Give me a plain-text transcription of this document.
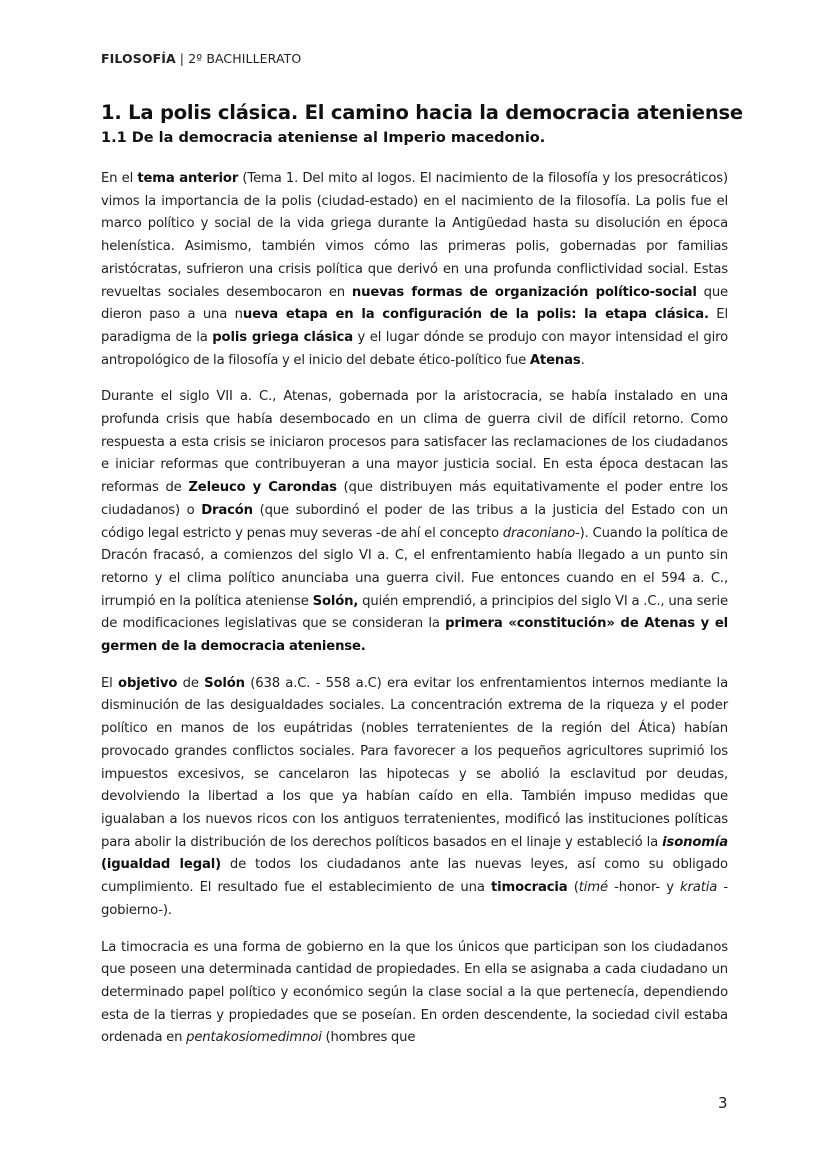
FILOSOFÍA | 2º BACHILLERATO
1. La polis clásica. El camino hacia la democracia ateniense
1.1 De la democracia ateniense al Imperio macedonio.

En el tema anterior (Tema 1. Del mito al logos. El nacimiento de la filosofía y los presocráticos) vimos la importancia de la polis (ciudad-estado) en el nacimiento de la filosofía. La polis fue el marco político y social de la vida griega durante la Antigüedad hasta su disolución en época helenística. Asimismo, también vimos cómo las primeras polis, gobernadas por familias aristócratas, sufrieron una crisis política que derivó en una profunda conflictividad social. Estas revueltas sociales desembocaron en nuevas formas de organización político-social que dieron paso a una nueva etapa en la configuración de la polis: la etapa clásica. El paradigma de la polis griega clásica y el lugar dónde se produjo con mayor intensidad el giro antropológico de la filosofía y el inicio del debate ético-político fue Atenas.

Durante el siglo VII a. C., Atenas, gobernada por la aristocracia, se había instalado en una profunda crisis que había desembocado en un clima de guerra civil de difícil retorno. Como respuesta a esta crisis se iniciaron procesos para satisfacer las reclamaciones de los ciudadanos e iniciar reformas que contribuyeran a una mayor justicia social. En esta época destacan las reformas de Zeleuco y Carondas (que distribuyen más equitativamente el poder entre los ciudadanos) o Dracón (que subordinó el poder de las tribus a la justicia del Estado con un código legal estricto y penas muy severas -de ahí el concepto draconiano-). Cuando la política de Dracón fracasó, a comienzos del siglo VI a. C, el enfrentamiento había llegado a un punto sin retorno y el clima político anunciaba una guerra civil. Fue entonces cuando en el 594 a. C., irrumpió en la política ateniense Solón, quién emprendió, a principios del siglo VI a .C., una serie de modificaciones legislativas que se consideran la primera «constitución» de Atenas y el germen de la democracia ateniense.

El objetivo de Solón (638 a.C. - 558 a.C) era evitar los enfrentamientos internos mediante la disminución de las desigualdades sociales. La concentración extrema de la riqueza y el poder político en manos de los eupátridas (nobles terratenientes de la región del Ática) habían provocado grandes conflictos sociales. Para favorecer a los pequeños agricultores suprimió los impuestos excesivos, se cancelaron las hipotecas y se abolió la esclavitud por deudas, devolviendo la libertad a los que ya habían caído en ella. También impuso medidas que igualaban a los nuevos ricos con los antiguos terratenientes, modificó las instituciones políticas para abolir la distribución de los derechos políticos basados en el linaje y estableció la isonomía (igualdad legal) de todos los ciudadanos ante las nuevas leyes, así como su obligado cumplimiento. El resultado fue el establecimiento de una timocracia (timé -honor- y kratia -gobierno-).

La timocracia es una forma de gobierno en la que los únicos que participan son los ciudadanos que poseen una determinada cantidad de propiedades. En ella se asignaba a cada ciudadano un determinado papel político y económico según la clase social a la que pertenecía, dependiendo esta de la tierras y propiedades que se poseían. En orden descendente, la sociedad civil estaba ordenada en pentakosiomedimnoi (hombres que

3
